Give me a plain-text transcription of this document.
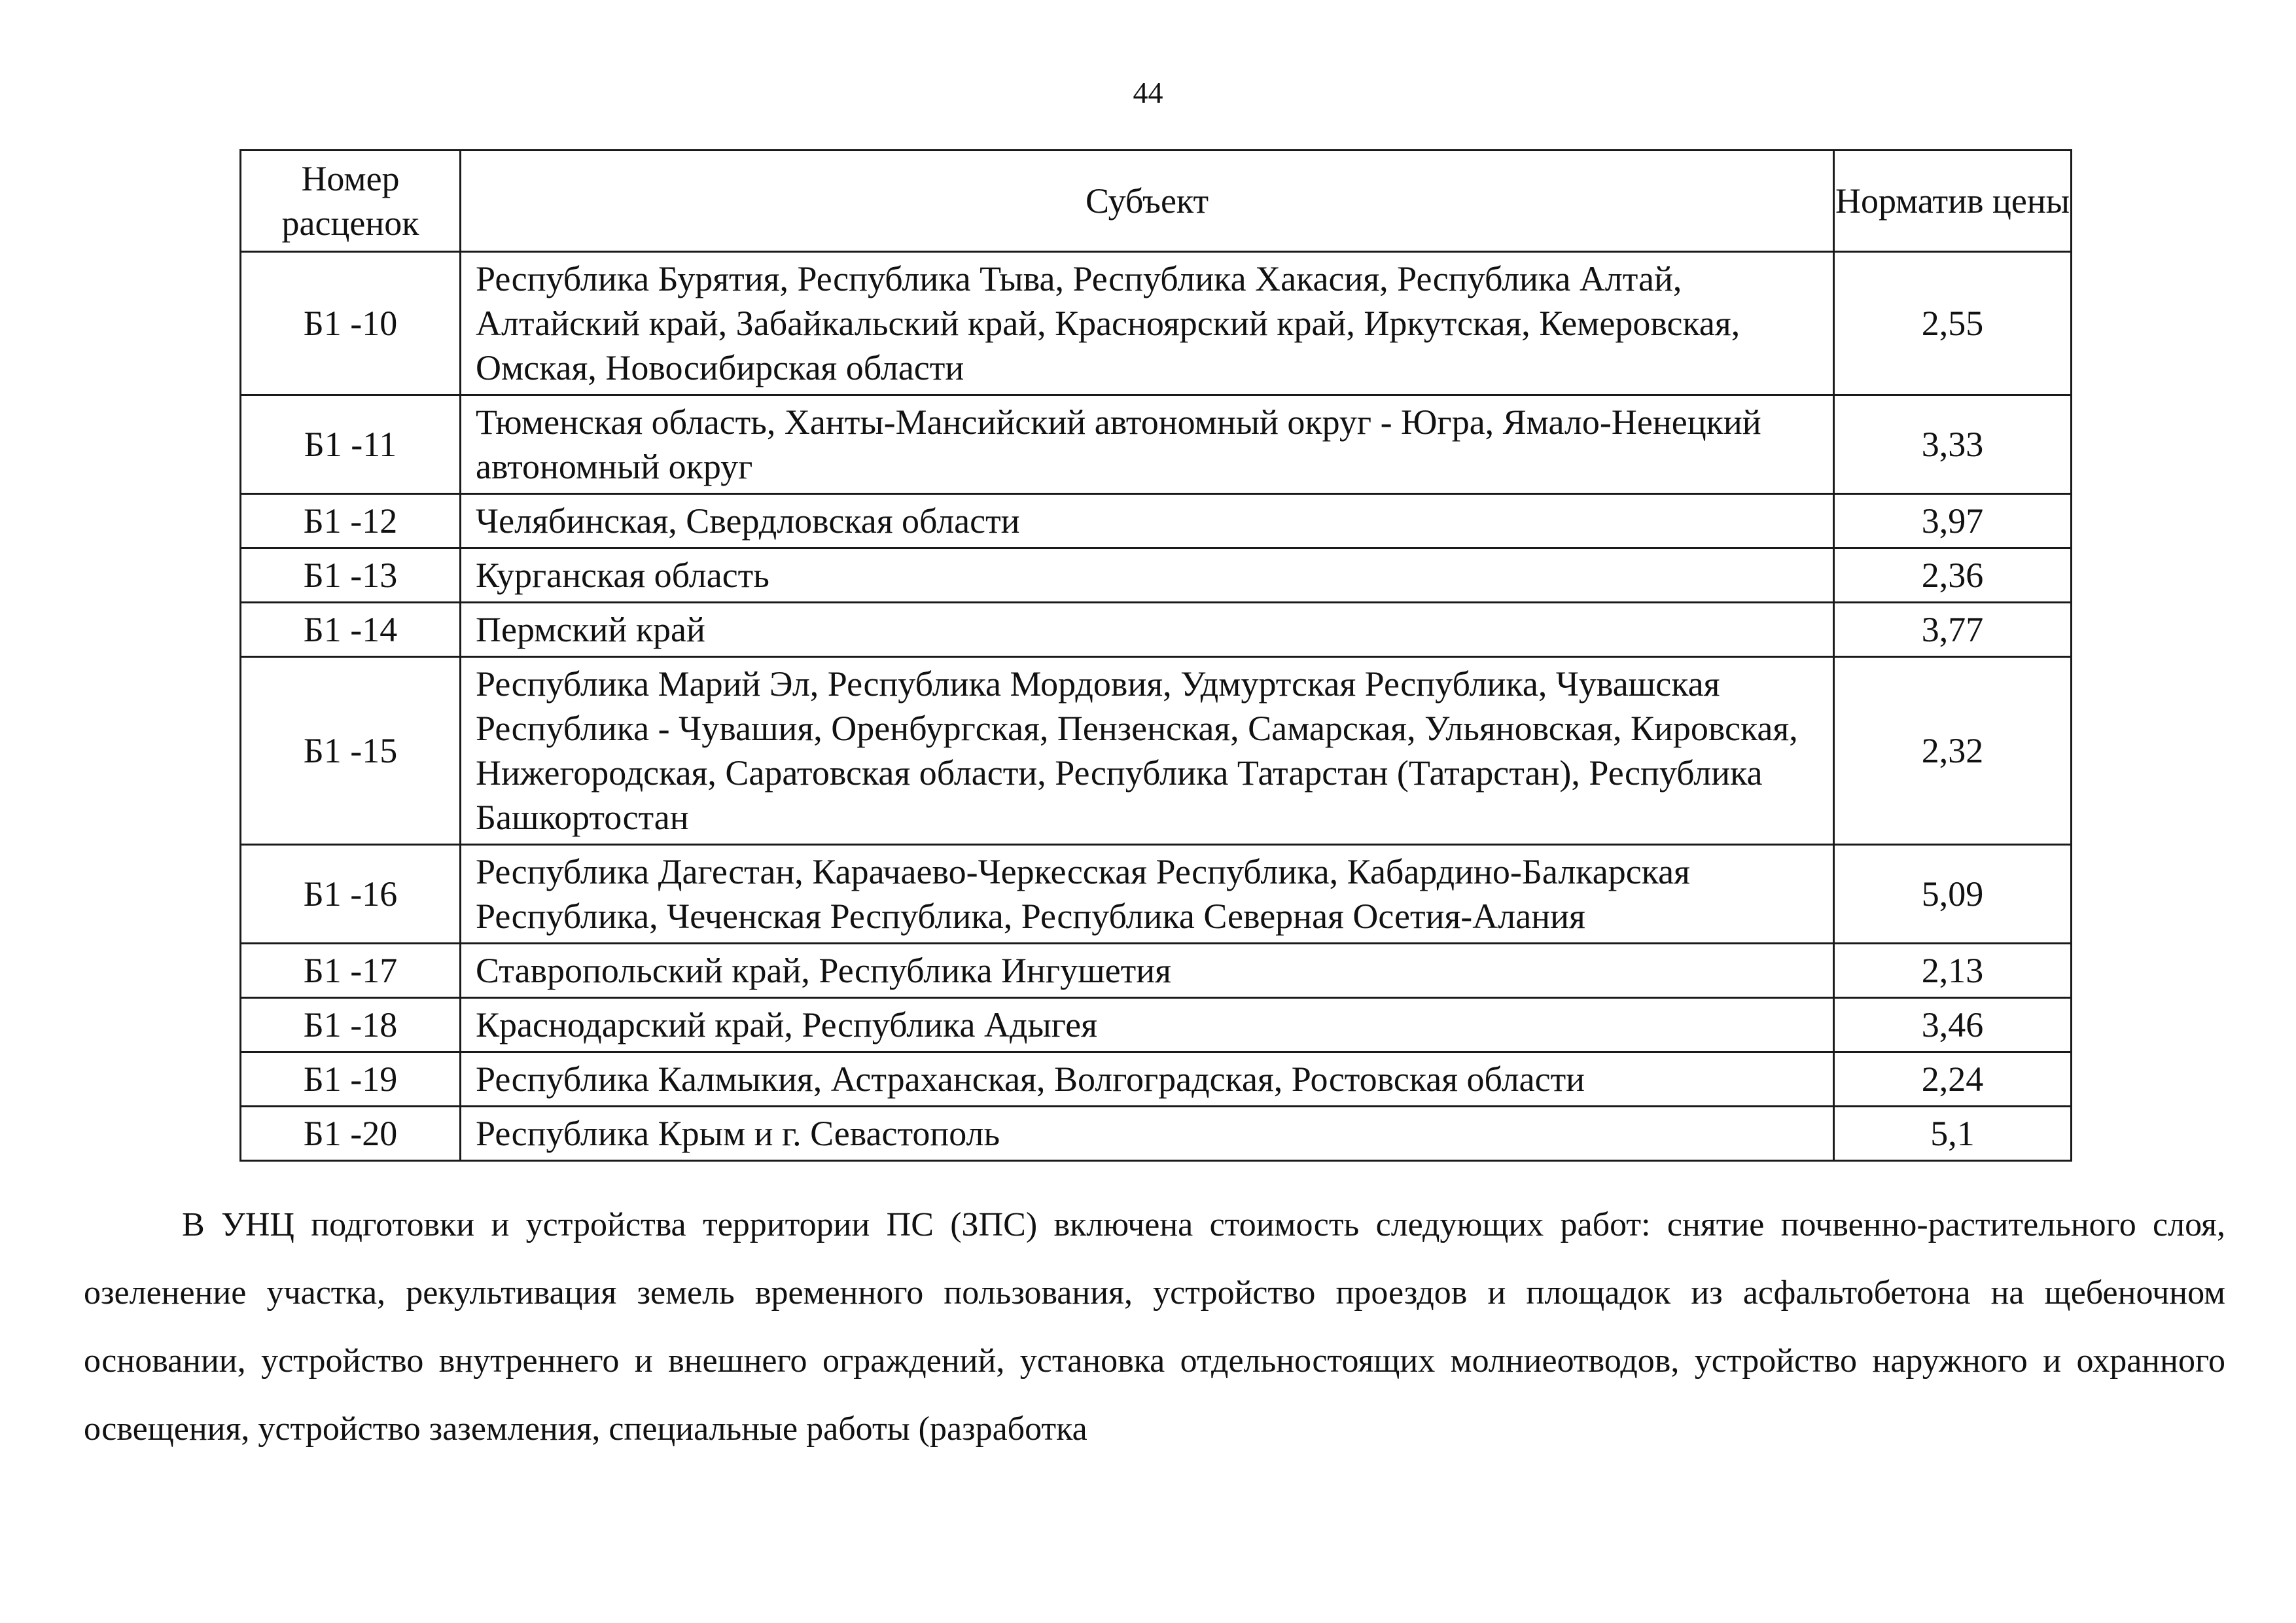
44
Номер расценок	Субъект	Норматив цены
Б1 -10	Республика Бурятия, Республика Тыва, Республика Хакасия, Республика Алтай, Алтайский край, Забайкальский край, Красноярский край, Иркутская, Кемеровская, Омская, Новосибирская области	2,55
Б1 -11	Тюменская область, Ханты-Мансийский автономный округ - Югра, Ямало-Ненецкий автономный округ	3,33
Б1 -12	Челябинская, Свердловская области	3,97
Б1 -13	Курганская область	2,36
Б1 -14	Пермский край	3,77
Б1 -15	Республика Марий Эл, Республика Мордовия, Удмуртская Республика, Чувашская Республика - Чувашия, Оренбургская, Пензенская, Самарская, Ульяновская, Кировская, Нижегородская, Саратовская области, Республика Татарстан (Татарстан), Республика Башкортостан	2,32
Б1 -16	Республика Дагестан, Карачаево-Черкесская Республика, Кабардино-Балкарская Республика, Чеченская Республика, Республика Северная Осетия-Алания	5,09
Б1 -17	Ставропольский край, Республика Ингушетия	2,13
Б1 -18	Краснодарский край, Республика Адыгея	3,46
Б1 -19	Республика Калмыкия, Астраханская, Волгоградская, Ростовская области	2,24
Б1 -20	Республика Крым и г. Севастополь	5,1

В УНЦ подготовки и устройства территории ПС (ЗПС) включена стоимость следующих работ: снятие почвенно-растительного слоя, озеленение участка, рекультивация земель временного пользования, устройство проездов и площадок из асфальтобетона на щебеночном основании, устройство внутреннего и внешнего ограждений, установка отдельностоящих молниеотводов, устройство наружного и охранного освещения, устройство заземления, специальные работы (разработка
